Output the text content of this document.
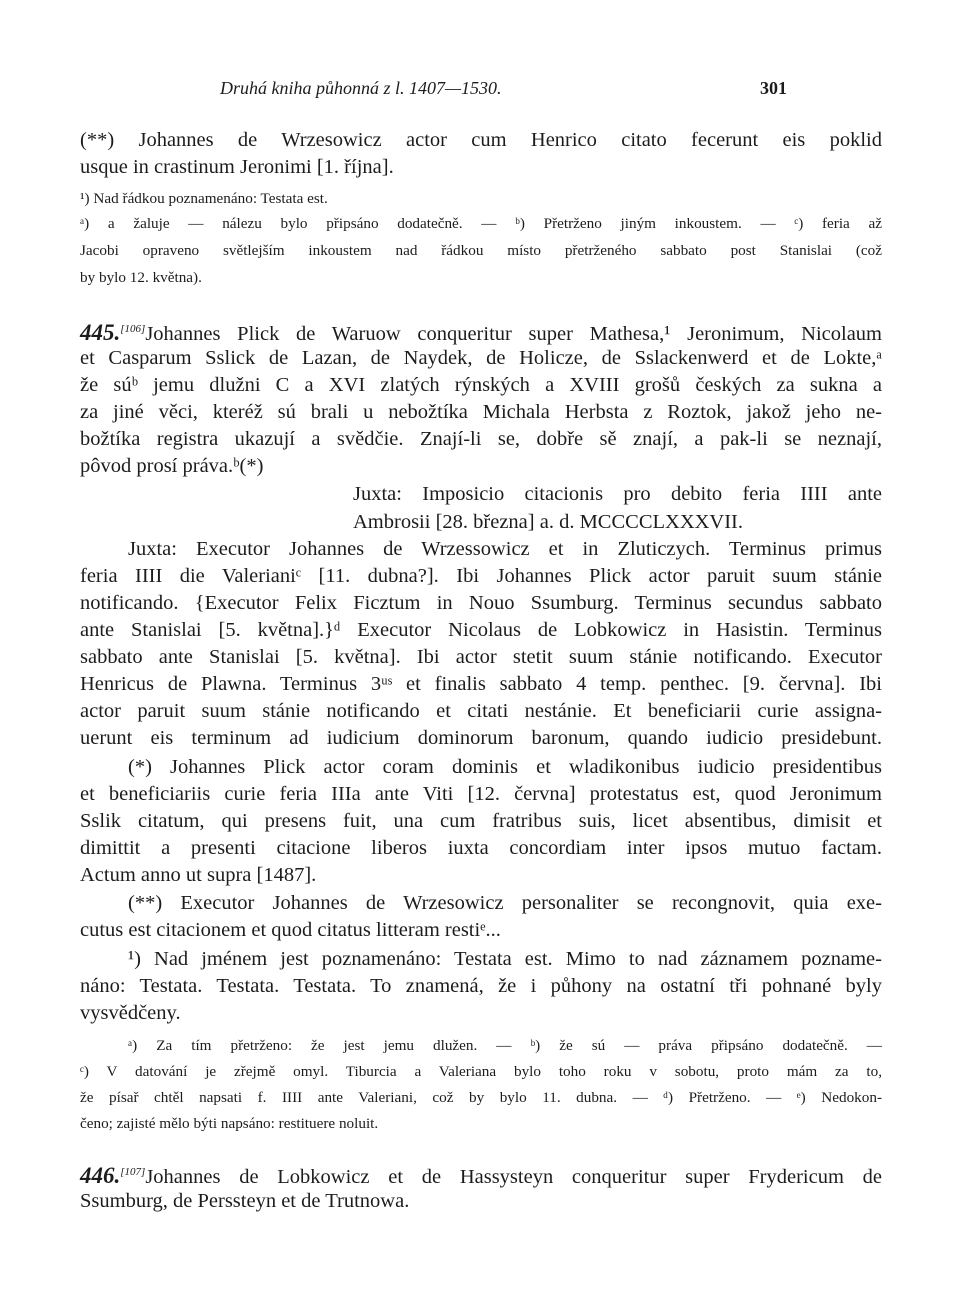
Druhá kniha půhonná z l. 1407—1530.	301
(**) Johannes de Wrzesowicz actor cum Henrico citato fecerunt eis poklid
usque in crastinum Jeronimi [1. října].
¹) Nad řádkou poznamenáno: Testata est.
ᵃ) a žaluje — nálezu bylo připsáno dodatečně. — ᵇ) Přetrženo jiným inkoustem. — ᶜ) feria až
Jacobi opraveno světlejším inkoustem nad řádkou místo přetrženého sabbato post Stanislai (což
by bylo 12. května).
445.[106]Johannes Plick de Waruow conqueritur super Mathesa,¹ Jeronimum, Nicolaum
et Casparum Sslick de Lazan, de Naydek, de Holicze, de Sslackenwerd et de Lokte,ᵃ
že súᵇ jemu dlužni C a XVI zlatých rýnských a XVIII grošů českých za sukna a
za jiné věci, kteréž sú brali u nebožtíka Michala Herbsta z Roztok, jakož jeho ne-
božtíka registra ukazují a svědčie. Znají-li se, dobře sě znají, a pak-li se neznají,
pôvod prosí práva.ᵇ(*)
Juxta: Imposicio citacionis pro debito feria IIII ante
Ambrosii [28. března] a. d. MCCCCLXXXVII.
Juxta: Executor Johannes de Wrzessowicz et in Zluticzych. Terminus primus
feria IIII die Valerianiᶜ [11. dubna?]. Ibi Johannes Plick actor paruit suum stánie
notificando. {Executor Felix Ficztum in Nouo Ssumburg. Terminus secundus sabbato
ante Stanislai [5. května].}ᵈ Executor Nicolaus de Lobkowicz in Hasistin. Terminus
sabbato ante Stanislai [5. května]. Ibi actor stetit suum stánie notificando. Executor
Henricus de Plawna. Terminus 3ᵘˢ et finalis sabbato 4 temp. penthec. [9. června]. Ibi
actor paruit suum stánie notificando et citati nestánie. Et beneficiarii curie assigna-
uerunt eis terminum ad iudicium dominorum baronum, quando iudicio presidebunt.
(*) Johannes Plick actor coram dominis et wladikonibus iudicio presidentibus
et beneficiariis curie feria IIIa ante Viti [12. června] protestatus est, quod Jeronimum
Sslik citatum, qui presens fuit, una cum fratribus suis, licet absentibus, dimisit et
dimittit a presenti citacione liberos iuxta concordiam inter ipsos mutuo factam.
Actum anno ut supra [1487].
(**) Executor Johannes de Wrzesowicz personaliter se recongnovit, quia exe-
cutus est citacionem et quod citatus litteram restiᵉ...
¹) Nad jménem jest poznamenáno: Testata est. Mimo to nad záznamem pozname-
náno: Testata. Testata. Testata. To znamená, že i půhony na ostatní tři pohnané byly
vysvědčeny.
ᵃ) Za tím přetrženo: že jest jemu dlužen. — ᵇ) že sú — práva připsáno dodatečně. —
ᶜ) V datování je zřejmě omyl. Tiburcia a Valeriana bylo toho roku v sobotu, proto mám za to,
že písař chtěl napsati f. IIII ante Valeriani, což by bylo 11. dubna. — ᵈ) Přetrženo. — ᵉ) Nedokon-
čeno; zajisté mělo býti napsáno: restituere noluit.
446.[107]Johannes de Lobkowicz et de Hassysteyn conqueritur super Frydericum de
Ssumburg, de Perssteyn et de Trutnowa.
